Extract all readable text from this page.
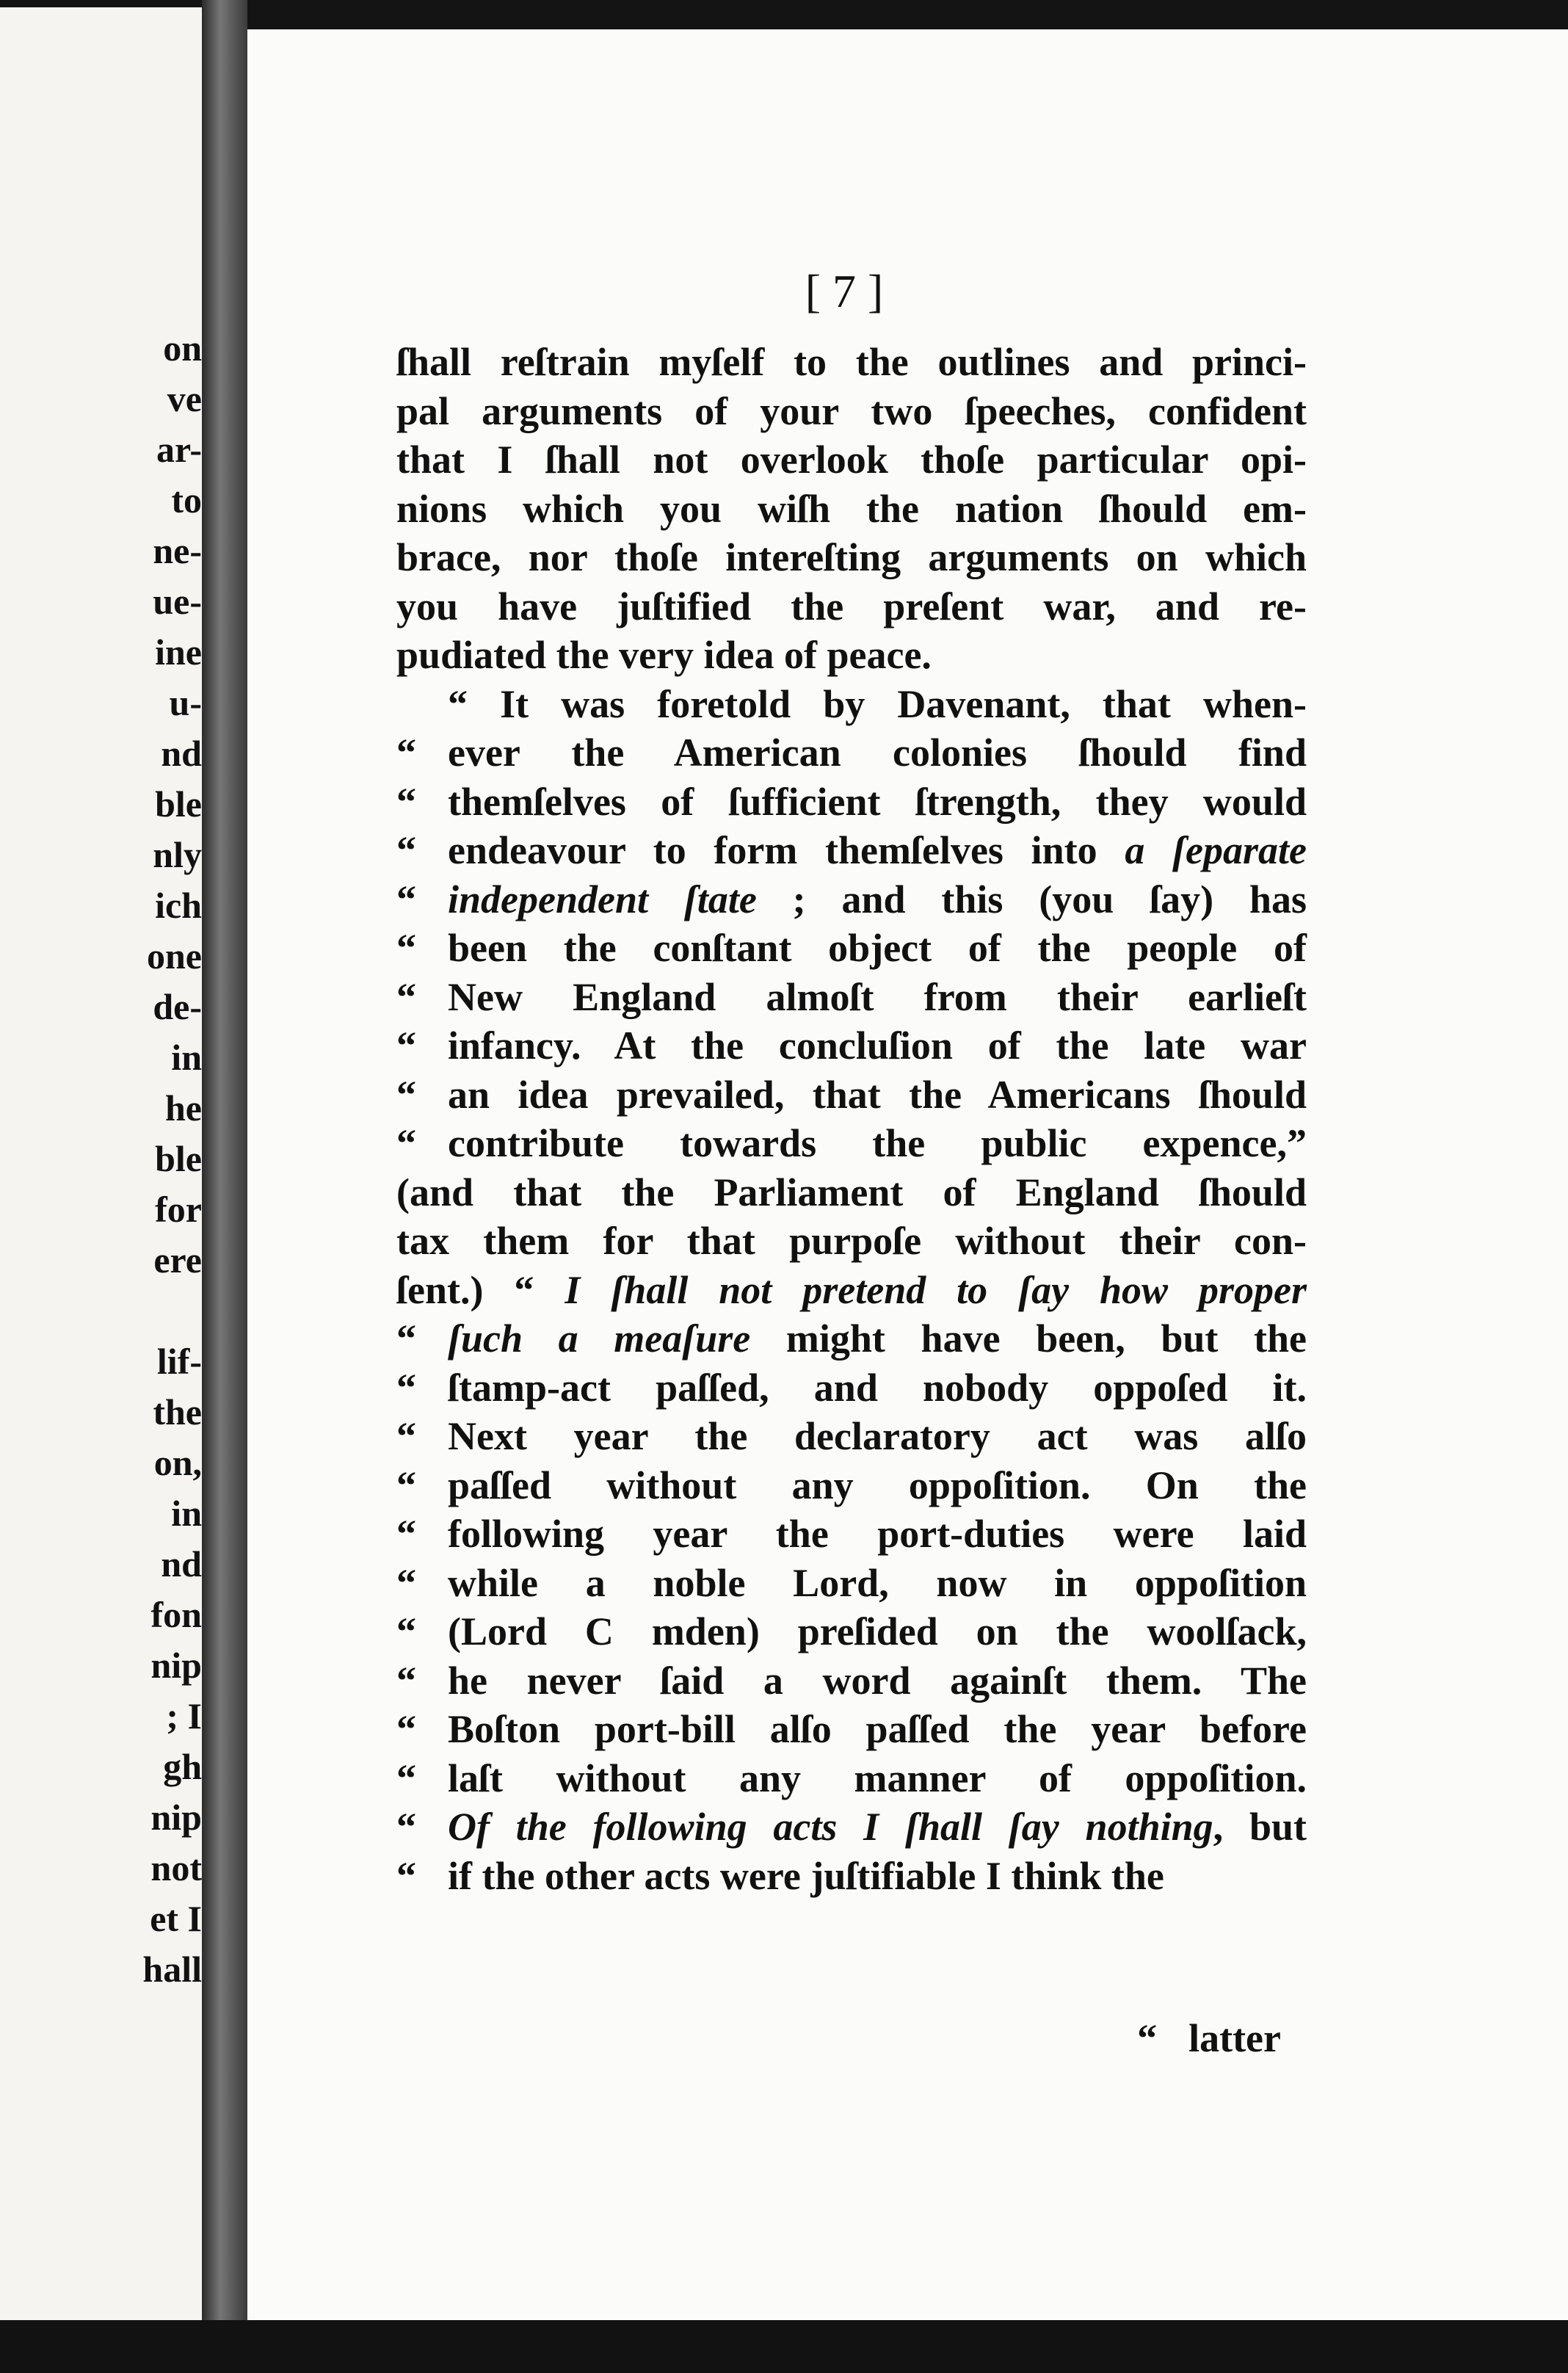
on
ve
ar-
to
ne-
ue-
ine
u-
nd
ble
nly
ich
one
de-
in
he
ble
for
ere

lif-
the
on,
in
nd
fon
nip
; I
gh
nip
not
et I
hall
[ 7 ]
ſhall reſtrain myſelf to the outlines and princi-
pal arguments of your two ſpeeches, confident
that I ſhall not overlook thoſe particular opi-
nions which you wiſh the nation ſhould em-
brace, nor thoſe intereſting arguments on which
you have juſtified the preſent war, and re-
pudiated the very idea of peace.
“ It was foretold by Davenant, that when-
“ ever the American colonies ſhould find
“ themſelves of ſufficient ſtrength, they would
“ endeavour to form themſelves into a ſeparate
“ independent ſtate ; and this (you ſay) has
“ been the conſtant object of the people of
“ New England almoſt from their earlieſt
“ infancy. At the concluſion of the late war
“ an idea prevailed, that the Americans ſhould
“ contribute towards the public expence,”
(and that the Parliament of England ſhould
tax them for that purpoſe without their con-
ſent.) “ I ſhall not pretend to ſay how proper
“ ſuch a meaſure might have been, but the
“ ſtamp-act paſſed, and nobody oppoſed it.
“ Next year the declaratory act was alſo
“ paſſed without any oppoſition. On the
“ following year the port-duties were laid
“ while a noble Lord, now in oppoſition
“ (Lord C mden) preſided on the woolſack,
“ he never ſaid a word againſt them. The
“ Boſton port-bill alſo paſſed the year before
“ laſt without any manner of oppoſition.
“ Of the following acts I ſhall ſay nothing, but
“ if the other acts were juſtifiable I think the
“ latter
